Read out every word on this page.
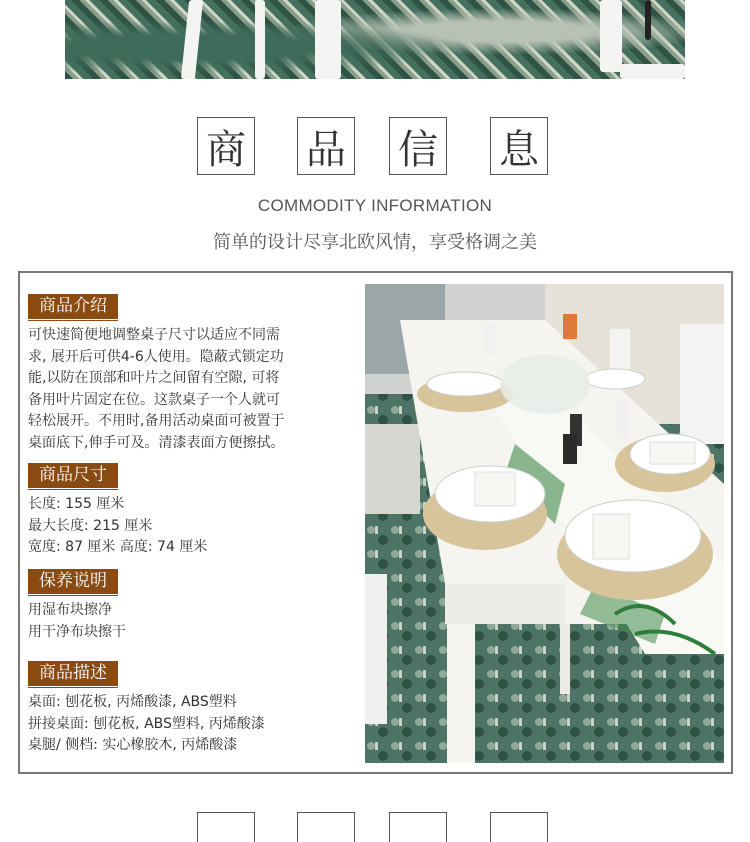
商 品 信 息
COMMODITY INFORMATION
简单的设计尽享北欧风情，享受格调之美
商品介绍
可快速简便地调整桌子尺寸以适应不同需
求, 展开后可供4-6人使用。隐蔽式锁定功
能,以防在顶部和叶片之间留有空隙, 可将
备用叶片固定在位。这款桌子一个人就可
轻松展开。不用时,备用活动桌面可被置于
桌面底下,伸手可及。清漆表面方便擦拭。
商品尺寸
长度: 155 厘米
最大长度: 215 厘米
宽度: 87 厘米 高度: 74 厘米
保养说明
用湿布块擦净
用干净布块擦干
商品描述
桌面: 刨花板, 丙烯酸漆, ABS塑料
拼接桌面: 刨花板, ABS塑料, 丙烯酸漆
桌腿/ 侧档: 实心橡胶木, 丙烯酸漆
